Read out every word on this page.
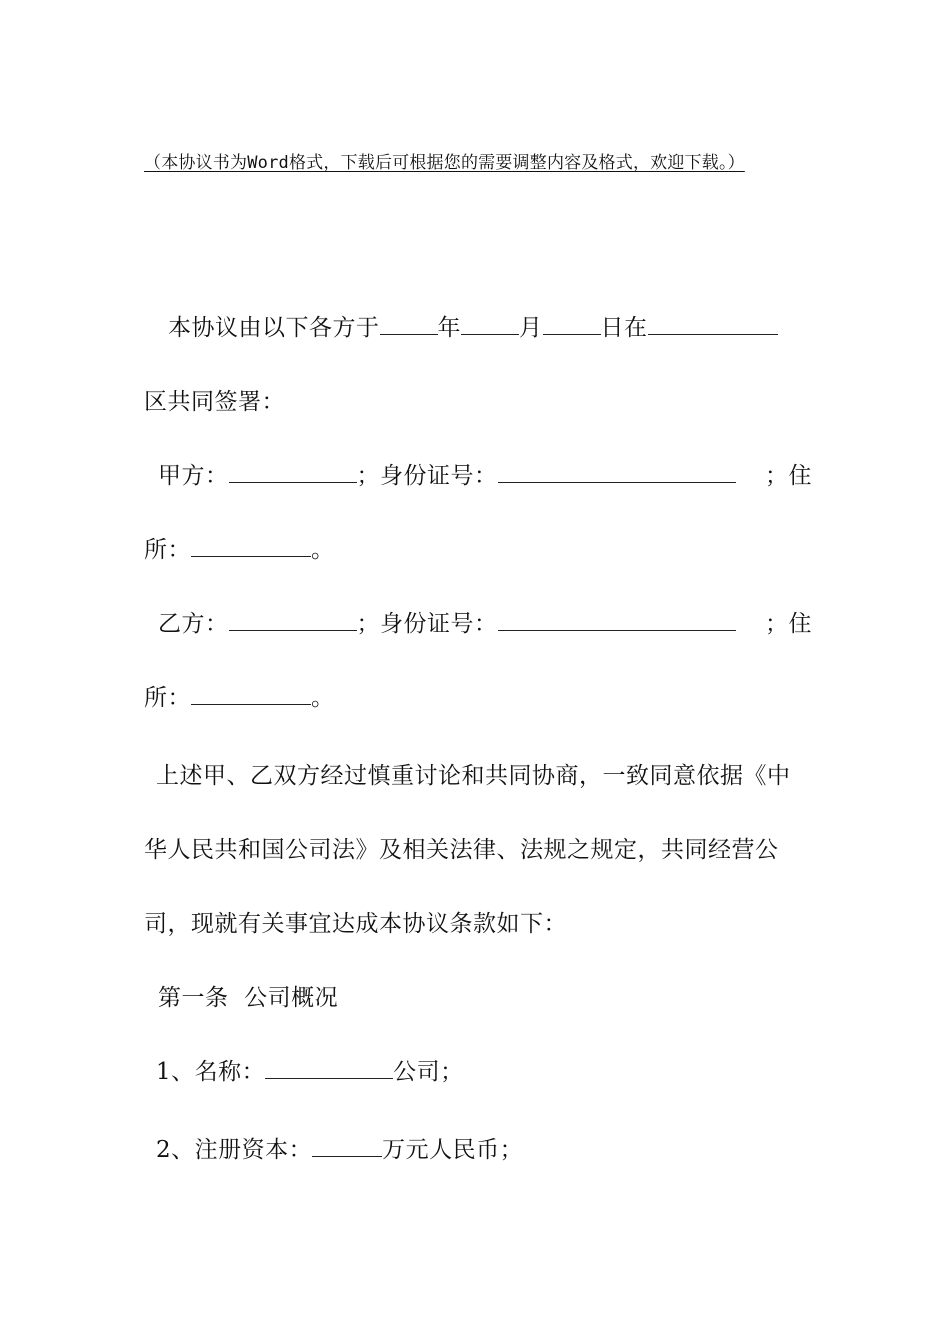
（本协议书为Word格式，下载后可根据您的需要调整内容及格式，欢迎下载。）
本协议由以下各方于	年	月	日在
区共同签署：
甲方：	；身份证号：	；住
所：	。
乙方：	；身份证号：	；住
所：	。
上述甲、乙双方经过慎重讨论和共同协商，一致同意依据《中
华人民共和国公司法》及相关法律、法规之规定，共同经营公
司，现就有关事宜达成本协议条款如下：
第一条  公司概况
1、名称：	公司；
2、注册资本：	万元人民币；
